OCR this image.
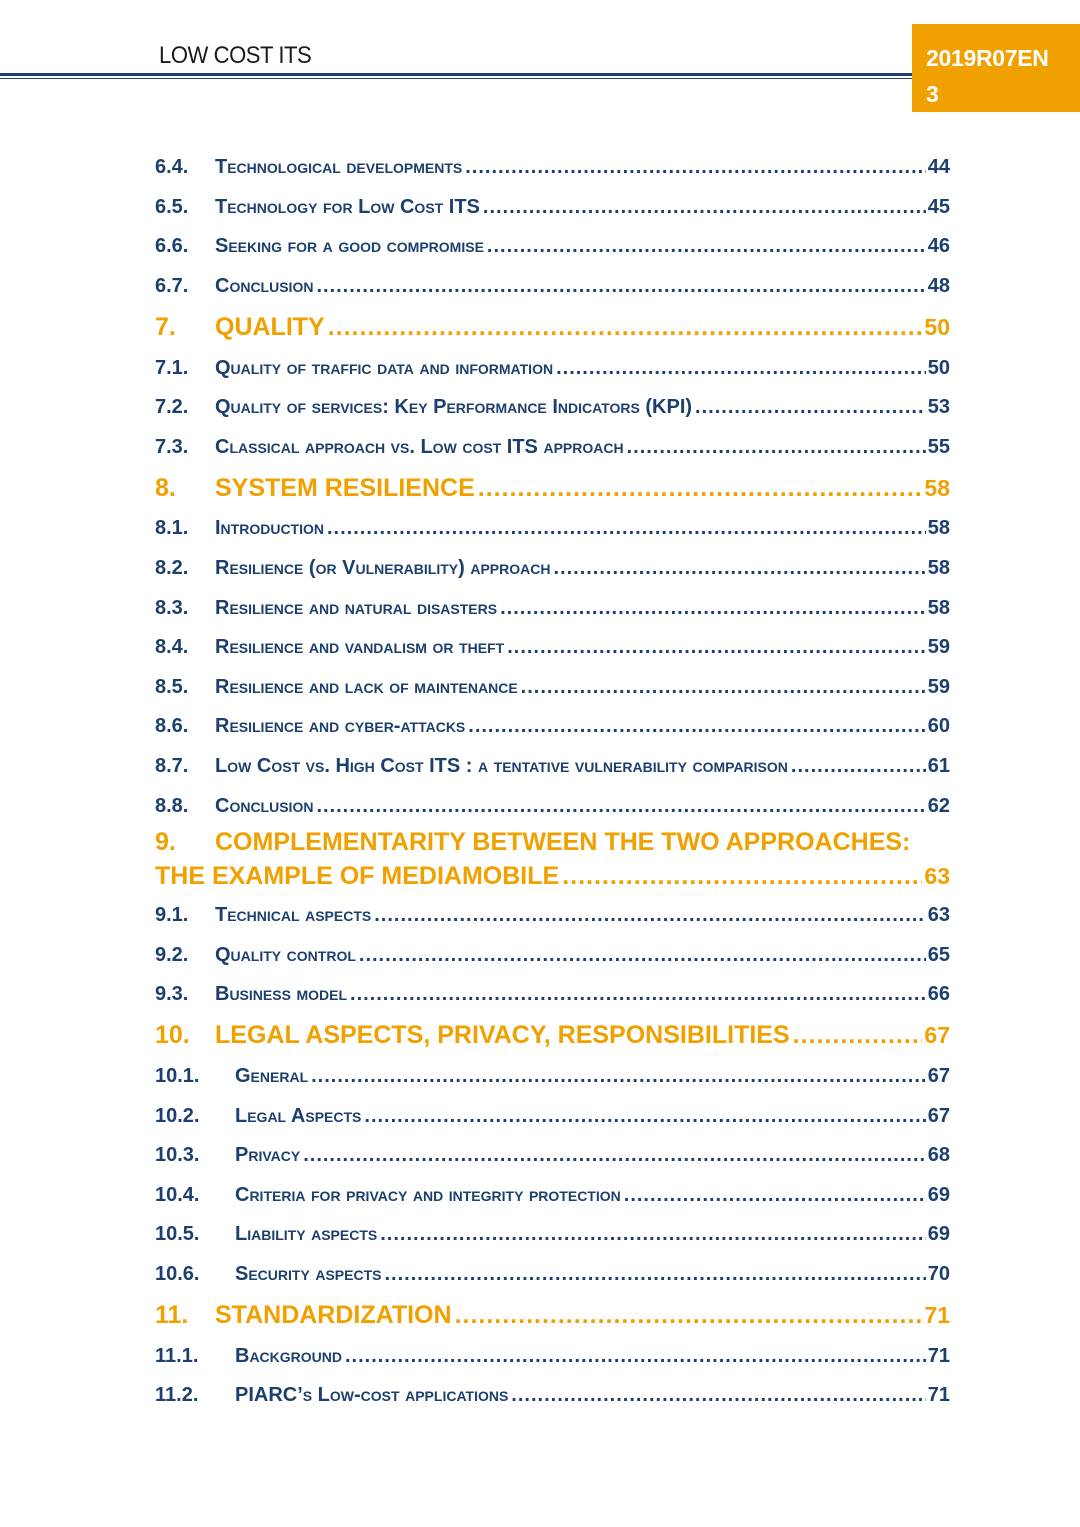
LOW COST ITS	2019R07EN
3
6.4.	Technological developments .....	44
6.5.	Technology for Low Cost ITS .....	45
6.6.	Seeking for a good compromise .....	46
6.7.	Conclusion .....	48
7.	QUALITY .....	50
7.1.	Quality of traffic data and information .....	50
7.2.	Quality of services: Key Performance Indicators (KPI) .....	53
7.3.	Classical approach vs. Low cost ITS approach .....	55
8.	SYSTEM RESILIENCE .....	58
8.1.	Introduction .....	58
8.2.	Resilience (or Vulnerability) approach .....	58
8.3.	Resilience and natural disasters .....	58
8.4.	Resilience and vandalism or theft .....	59
8.5.	Resilience and lack of maintenance .....	59
8.6.	Resilience and cyber-attacks .....	60
8.7.	Low Cost vs. High Cost ITS : a tentative vulnerability comparison .....	61
8.8.	Conclusion .....	62
9.	COMPLEMENTARITY BETWEEN THE TWO APPROACHES:
THE EXAMPLE OF MEDIAMOBILE .....	63
9.1.	Technical aspects .....	63
9.2.	Quality control .....	65
9.3.	Business model .....	66
10.	LEGAL ASPECTS, PRIVACY, RESPONSIBILITIES .....	67
10.1.	General .....	67
10.2.	Legal Aspects .....	67
10.3.	Privacy .....	68
10.4.	Criteria for privacy and integrity protection .....	69
10.5.	Liability aspects .....	69
10.6.	Security aspects .....	70
11.	STANDARDIZATION .....	71
11.1.	Background .....	71
11.2.	PIARC’s Low-cost applications .....	71
